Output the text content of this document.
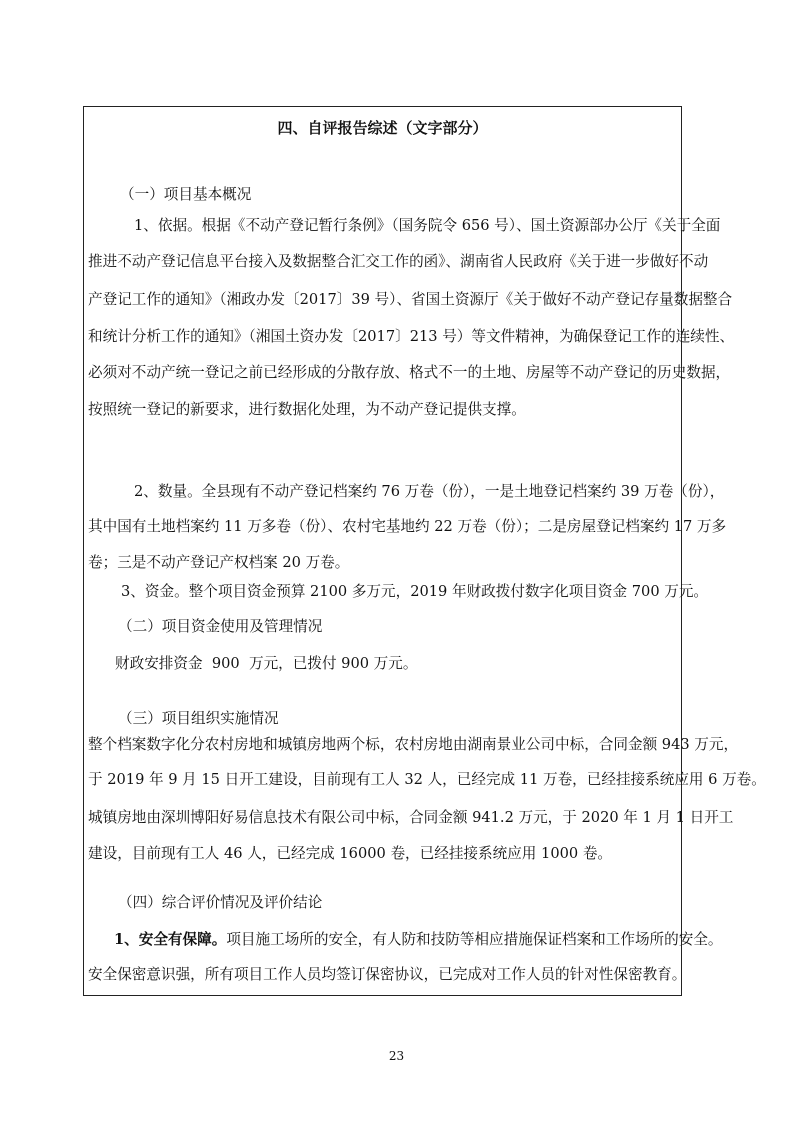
四、自评报告综述（文字部分）
（一）项目基本概况
1、依据。根据《不动产登记暂行条例》（国务院令 656 号）、国土资源部办公厅《关于全面
推进不动产登记信息平台接入及数据整合汇交工作的函》、湖南省人民政府《关于进一步做好不动
产登记工作的通知》（湘政办发〔2017〕39 号）、省国土资源厅《关于做好不动产登记存量数据整合
和统计分析工作的通知》（湘国土资办发〔2017〕213 号）等文件精神，为确保登记工作的连续性、
必须对不动产统一登记之前已经形成的分散存放、格式不一的土地、房屋等不动产登记的历史数据，
按照统一登记的新要求，进行数据化处理，为不动产登记提供支撑。
2、数量。全县现有不动产登记档案约 76 万卷（份），一是土地登记档案约 39 万卷（份），
其中国有土地档案约 11 万多卷（份）、农村宅基地约 22 万卷（份）；二是房屋登记档案约 17 万多
卷；三是不动产登记产权档案 20 万卷。
3、资金。整个项目资金预算 2100 多万元，2019 年财政拨付数字化项目资金 700 万元。
（二）项目资金使用及管理情况
财政安排资金  900  万元，已拨付 900 万元。
（三）项目组织实施情况
整个档案数字化分农村房地和城镇房地两个标，农村房地由湖南景业公司中标，合同金额 943 万元，
于 2019 年 9 月 15 日开工建设，目前现有工人 32 人，已经完成 11 万卷，已经挂接系统应用 6 万卷。
城镇房地由深圳博阳好易信息技术有限公司中标，合同金额 941.2 万元，于 2020 年 1 月 1 日开工
建设，目前现有工人 46 人，已经完成 16000 卷，已经挂接系统应用 1000 卷。
（四）综合评价情况及评价结论
1、安全有保障。 项目施工场所的安全，有人防和技防等相应措施保证档案和工作场所的安全。
安全保密意识强，所有项目工作人员均签订保密协议，已完成对工作人员的针对性保密教育。
23
